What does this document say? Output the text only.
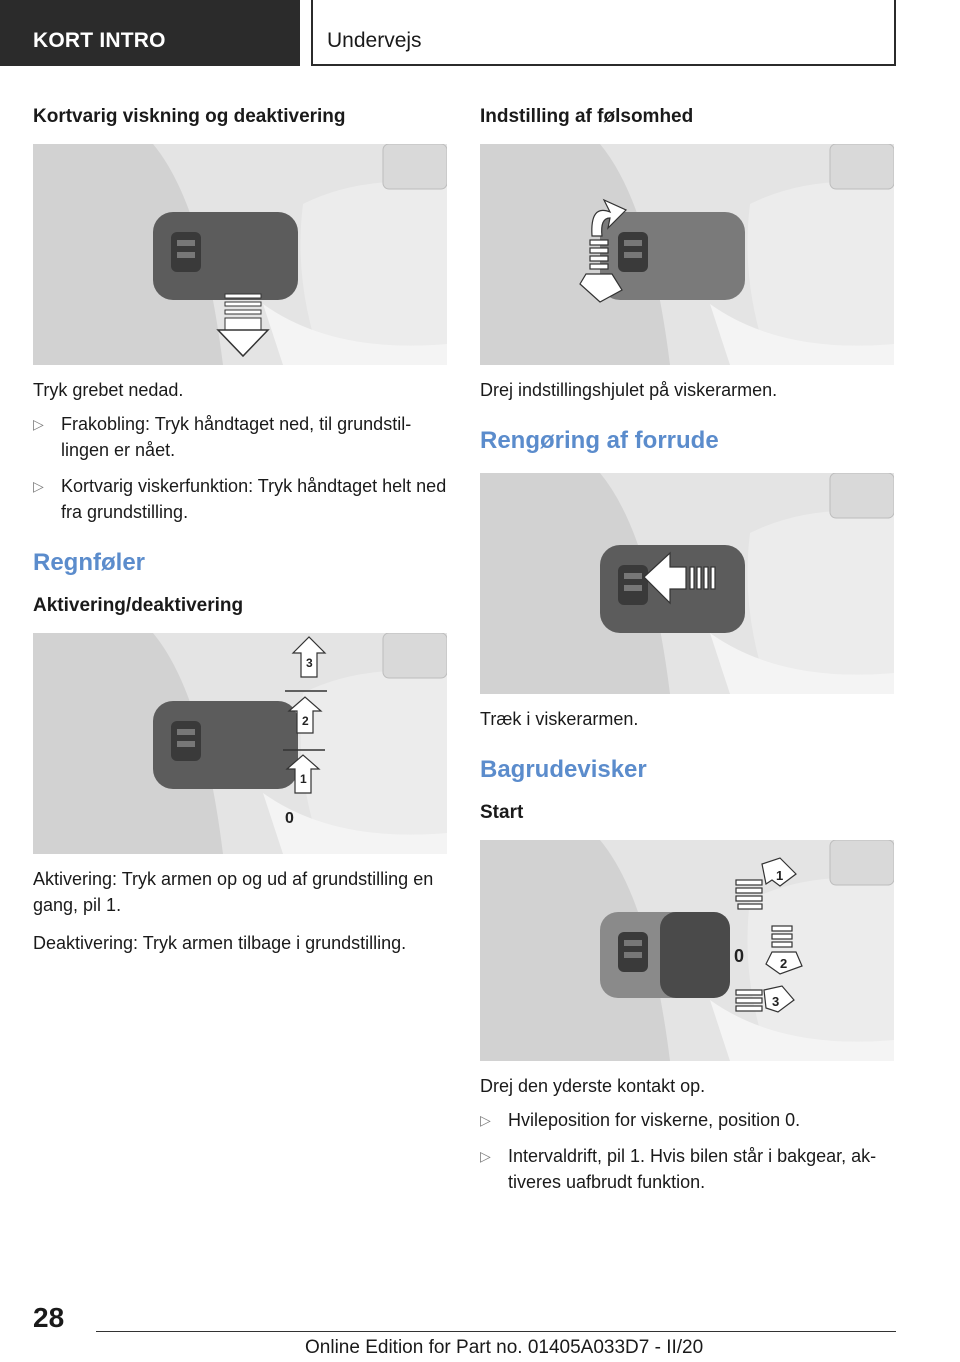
KORT INTRO	Undervejs
Kortvarig viskning og deaktivering
Tryk grebet nedad.
▷ Frakobling: Tryk håndtaget ned, til grundstil-lingen er nået.
▷ Kortvarig viskerfunktion: Tryk håndtaget helt ned fra grundstilling.
Regnføler
Aktivering/deaktivering
1
2
3
0
Aktivering: Tryk armen op og ud af grundstilling en gang, pil 1.
Deaktivering: Tryk armen tilbage i grundstilling.
Indstilling af følsomhed
Drej indstillingshjulet på viskerarmen.
Rengøring af forrude
Træk i viskerarmen.
Bagrudevisker
Start
1
0	2
3
Drej den yderste kontakt op.
▷ Hvileposition for viskerne, position 0.
▷ Intervaldrift, pil 1. Hvis bilen står i bakgear, ak-tiveres uafbrudt funktion.
28
Online Edition for Part no. 01405A033D7 - II/20
